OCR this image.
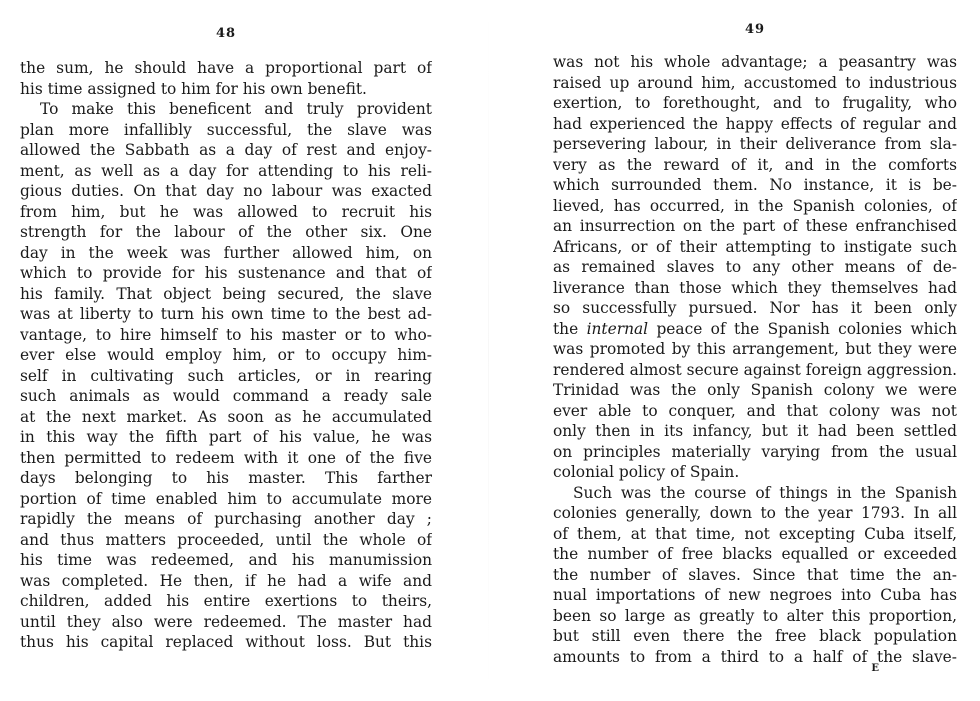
48
the sum, he should have a proportional part of
his time assigned to him for his own benefit.
To make this beneficent and truly provident
plan more infallibly successful, the slave was
allowed the Sabbath as a day of rest and enjoy-
ment, as well as a day for attending to his reli-
gious duties. On that day no labour was exacted
from him, but he was allowed to recruit his
strength for the labour of the other six. One
day in the week was further allowed him, on
which to provide for his sustenance and that of
his family. That object being secured, the slave
was at liberty to turn his own time to the best ad-
vantage, to hire himself to his master or to who-
ever else would employ him, or to occupy him-
self in cultivating such articles, or in rearing
such animals as would command a ready sale
at the next market. As soon as he accumulated
in this way the fifth part of his value, he was
then permitted to redeem with it one of the five
days belonging to his master. This farther
portion of time enabled him to accumulate more
rapidly the means of purchasing another day ;
and thus matters proceeded, until the whole of
his time was redeemed, and his manumission
was completed. He then, if he had a wife and
children, added his entire exertions to theirs,
until they also were redeemed. The master had
thus his capital replaced without loss. But this
49
was not his whole advantage; a peasantry was
raised up around him, accustomed to industrious
exertion, to forethought, and to frugality, who
had experienced the happy effects of regular and
persevering labour, in their deliverance from sla-
very as the reward of it, and in the comforts
which surrounded them. No instance, it is be-
lieved, has occurred, in the Spanish colonies, of
an insurrection on the part of these enfranchised
Africans, or of their attempting to instigate such
as remained slaves to any other means of de-
liverance than those which they themselves had
so successfully pursued. Nor has it been only
the internal peace of the Spanish colonies which
was promoted by this arrangement, but they were
rendered almost secure against foreign aggression.
Trinidad was the only Spanish colony we were
ever able to conquer, and that colony was not
only then in its infancy, but it had been settled
on principles materially varying from the usual
colonial policy of Spain.
Such was the course of things in the Spanish
colonies generally, down to the year 1793. In all
of them, at that time, not excepting Cuba itself,
the number of free blacks equalled or exceeded
the number of slaves. Since that time the an-
nual importations of new negroes into Cuba has
been so large as greatly to alter this proportion,
but still even there the free black population
amounts to from a third to a half of the slave-
E
